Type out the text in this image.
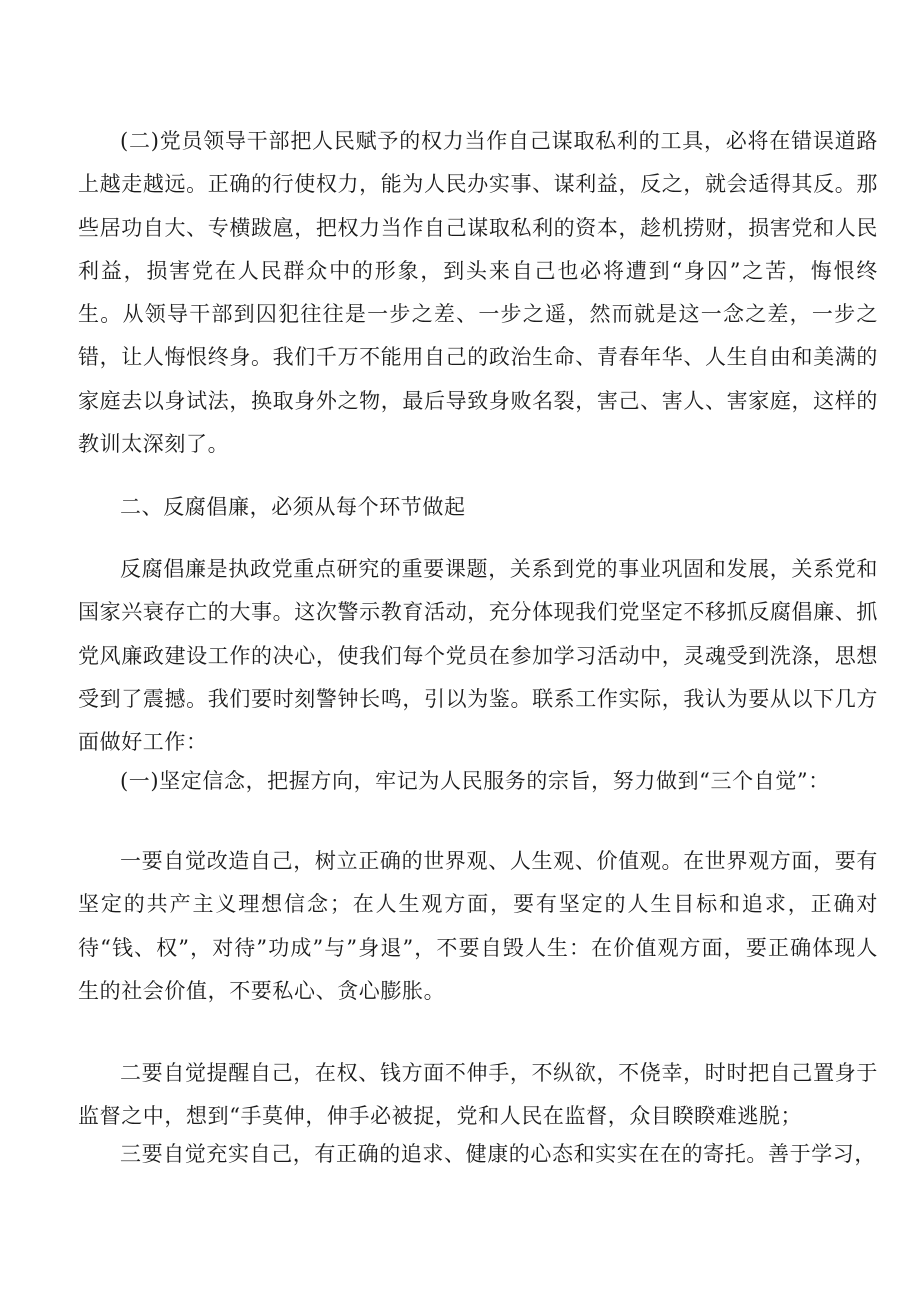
(二)党员领导干部把人民赋予的权力当作自己谋取私利的工具，必将在错误道路上越走越远。正确的行使权力，能为人民办实事、谋利益，反之，就会适得其反。那些居功自大、专横跋扈，把权力当作自己谋取私利的资本，趁机捞财，损害党和人民利益，损害党在人民群众中的形象，到头来自己也必将遭到“身囚”之苦，悔恨终生。从领导干部到囚犯往往是一步之差、一步之遥，然而就是这一念之差，一步之错，让人悔恨终身。我们千万不能用自己的政治生命、青春年华、人生自由和美满的家庭去以身试法，换取身外之物，最后导致身败名裂，害己、害人、害家庭，这样的教训太深刻了。

二、反腐倡廉，必须从每个环节做起

反腐倡廉是执政党重点研究的重要课题，关系到党的事业巩固和发展，关系党和国家兴衰存亡的大事。这次警示教育活动，充分体现我们党坚定不移抓反腐倡廉、抓党风廉政建设工作的决心，使我们每个党员在参加学习活动中，灵魂受到洗涤，思想受到了震撼。我们要时刻警钟长鸣，引以为鉴。联系工作实际，我认为要从以下几方面做好工作：

(一)坚定信念，把握方向，牢记为人民服务的宗旨，努力做到“三个自觉”：

一要自觉改造自己，树立正确的世界观、人生观、价值观。在世界观方面，要有坚定的共产主义理想信念；在人生观方面，要有坚定的人生目标和追求，正确对待“钱、权”，对待”功成”与”身退”，不要自毁人生：在价值观方面，要正确体现人生的社会价值，不要私心、贪心膨胀。

二要自觉提醒自己，在权、钱方面不伸手，不纵欲，不侥幸，时时把自己置身于监督之中，想到“手莫伸，伸手必被捉，党和人民在监督，众目睽睽难逃脱；

三要自觉充实自己，有正确的追求、健康的心态和实实在在的寄托。善于学习，
